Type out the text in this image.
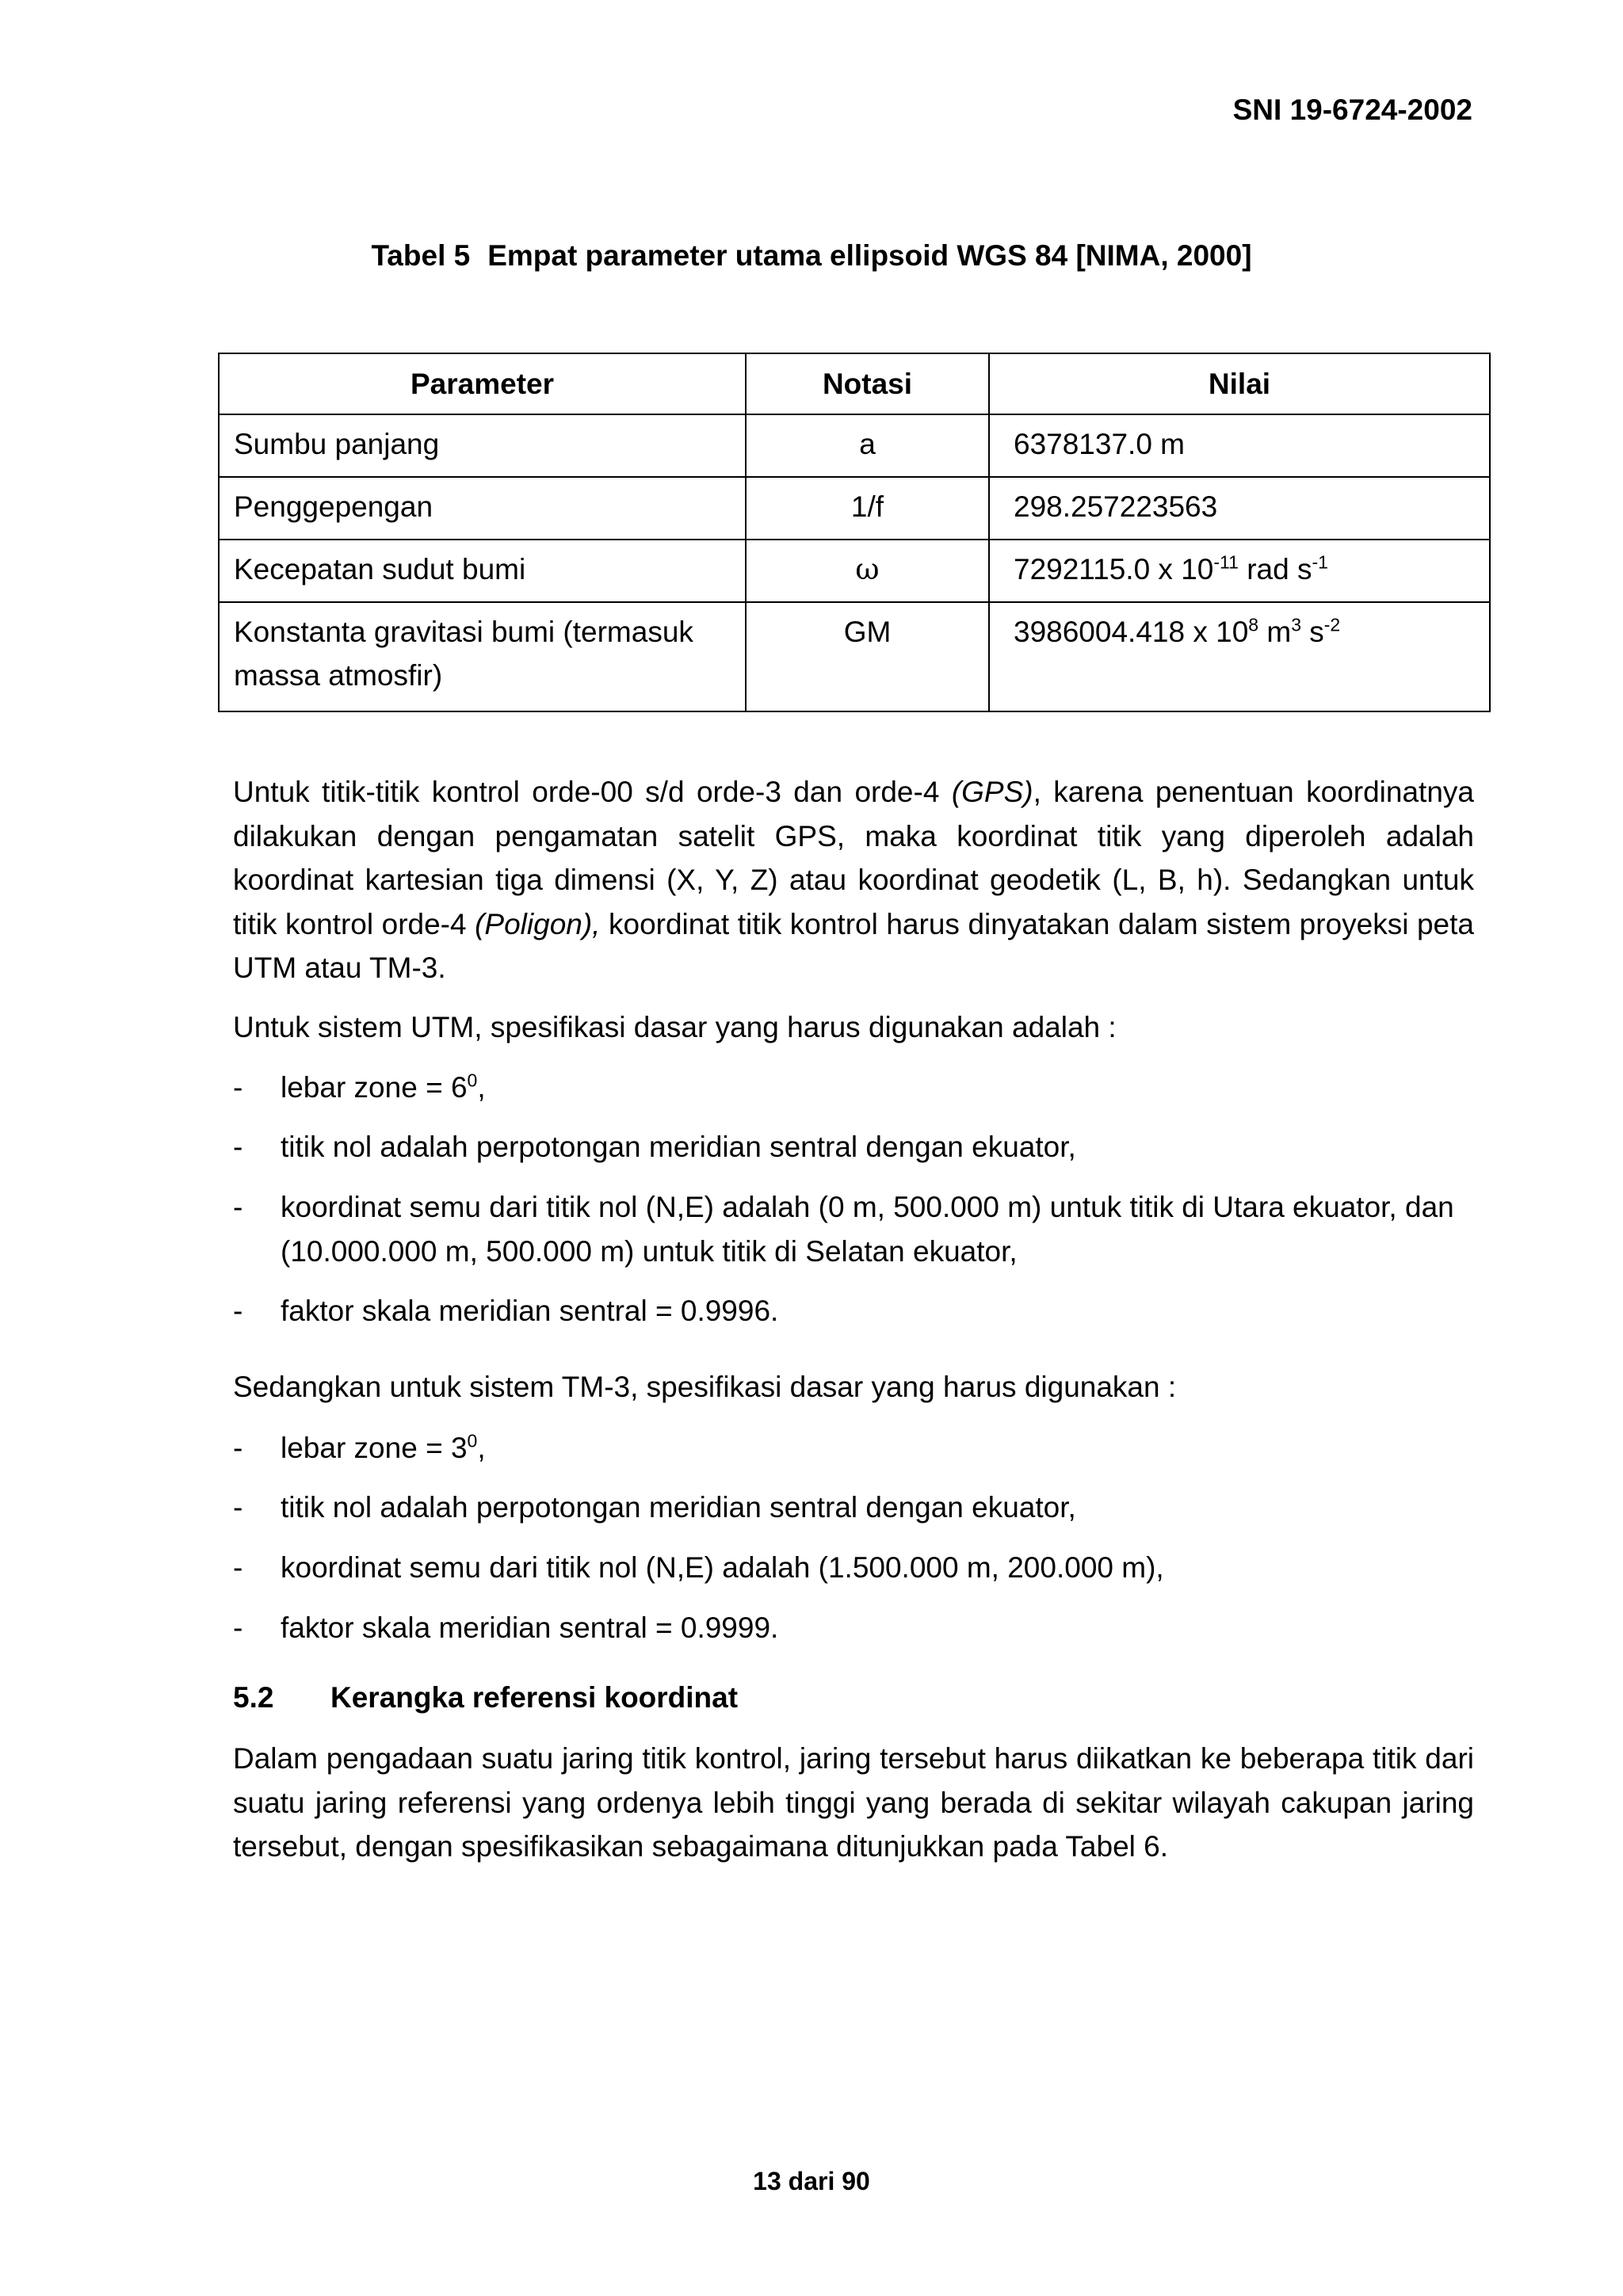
SNI 19-6724-2002
Tabel 5 Empat parameter utama ellipsoid WGS 84 [NIMA, 2000]
Parameter	Notasi	Nilai
Sumbu panjang	a	6378137.0 m
Penggepengan	1/f	298.257223563
Kecepatan sudut bumi	ω	7292115.0 x $10^{-11}$ rad $s^{-1}$
Konstanta gravitasi bumi (termasuk massa atmosfir)	GM	3986004.418 x $10^8$ $m^3$ $s^{-2}$
Untuk titik-titik kontrol orde-00 s/d orde-3 dan orde-4 (GPS), karena penentuan koordinatnya dilakukan dengan pengamatan satelit GPS, maka koordinat titik yang diperoleh adalah koordinat kartesian tiga dimensi (X, Y, Z) atau koordinat geodetik (L, B, h). Sedangkan untuk titik kontrol orde-4 (Poligon), koordinat titik kontrol harus dinyatakan dalam sistem proyeksi peta UTM atau TM-3.
Untuk sistem UTM, spesifikasi dasar yang harus digunakan adalah :
- lebar zone = $6^0$,
- titik nol adalah perpotongan meridian sentral dengan ekuator,
- koordinat semu dari titik nol (N,E) adalah (0 m, 500.000 m) untuk titik di Utara ekuator, dan (10.000.000 m, 500.000 m) untuk titik di Selatan ekuator,
- faktor skala meridian sentral = 0.9996.
Sedangkan untuk sistem TM-3, spesifikasi dasar yang harus digunakan :
- lebar zone = $3^0$,
- titik nol adalah perpotongan meridian sentral dengan ekuator,
- koordinat semu dari titik nol (N,E) adalah (1.500.000 m, 200.000 m),
- faktor skala meridian sentral = 0.9999.
5.2 Kerangka referensi koordinat
Dalam pengadaan suatu jaring titik kontrol, jaring tersebut harus diikatkan ke beberapa titik dari suatu jaring referensi yang ordenya lebih tinggi yang berada di sekitar wilayah cakupan jaring tersebut, dengan spesifikasikan sebagaimana ditunjukkan pada Tabel 6.
13 dari 90
